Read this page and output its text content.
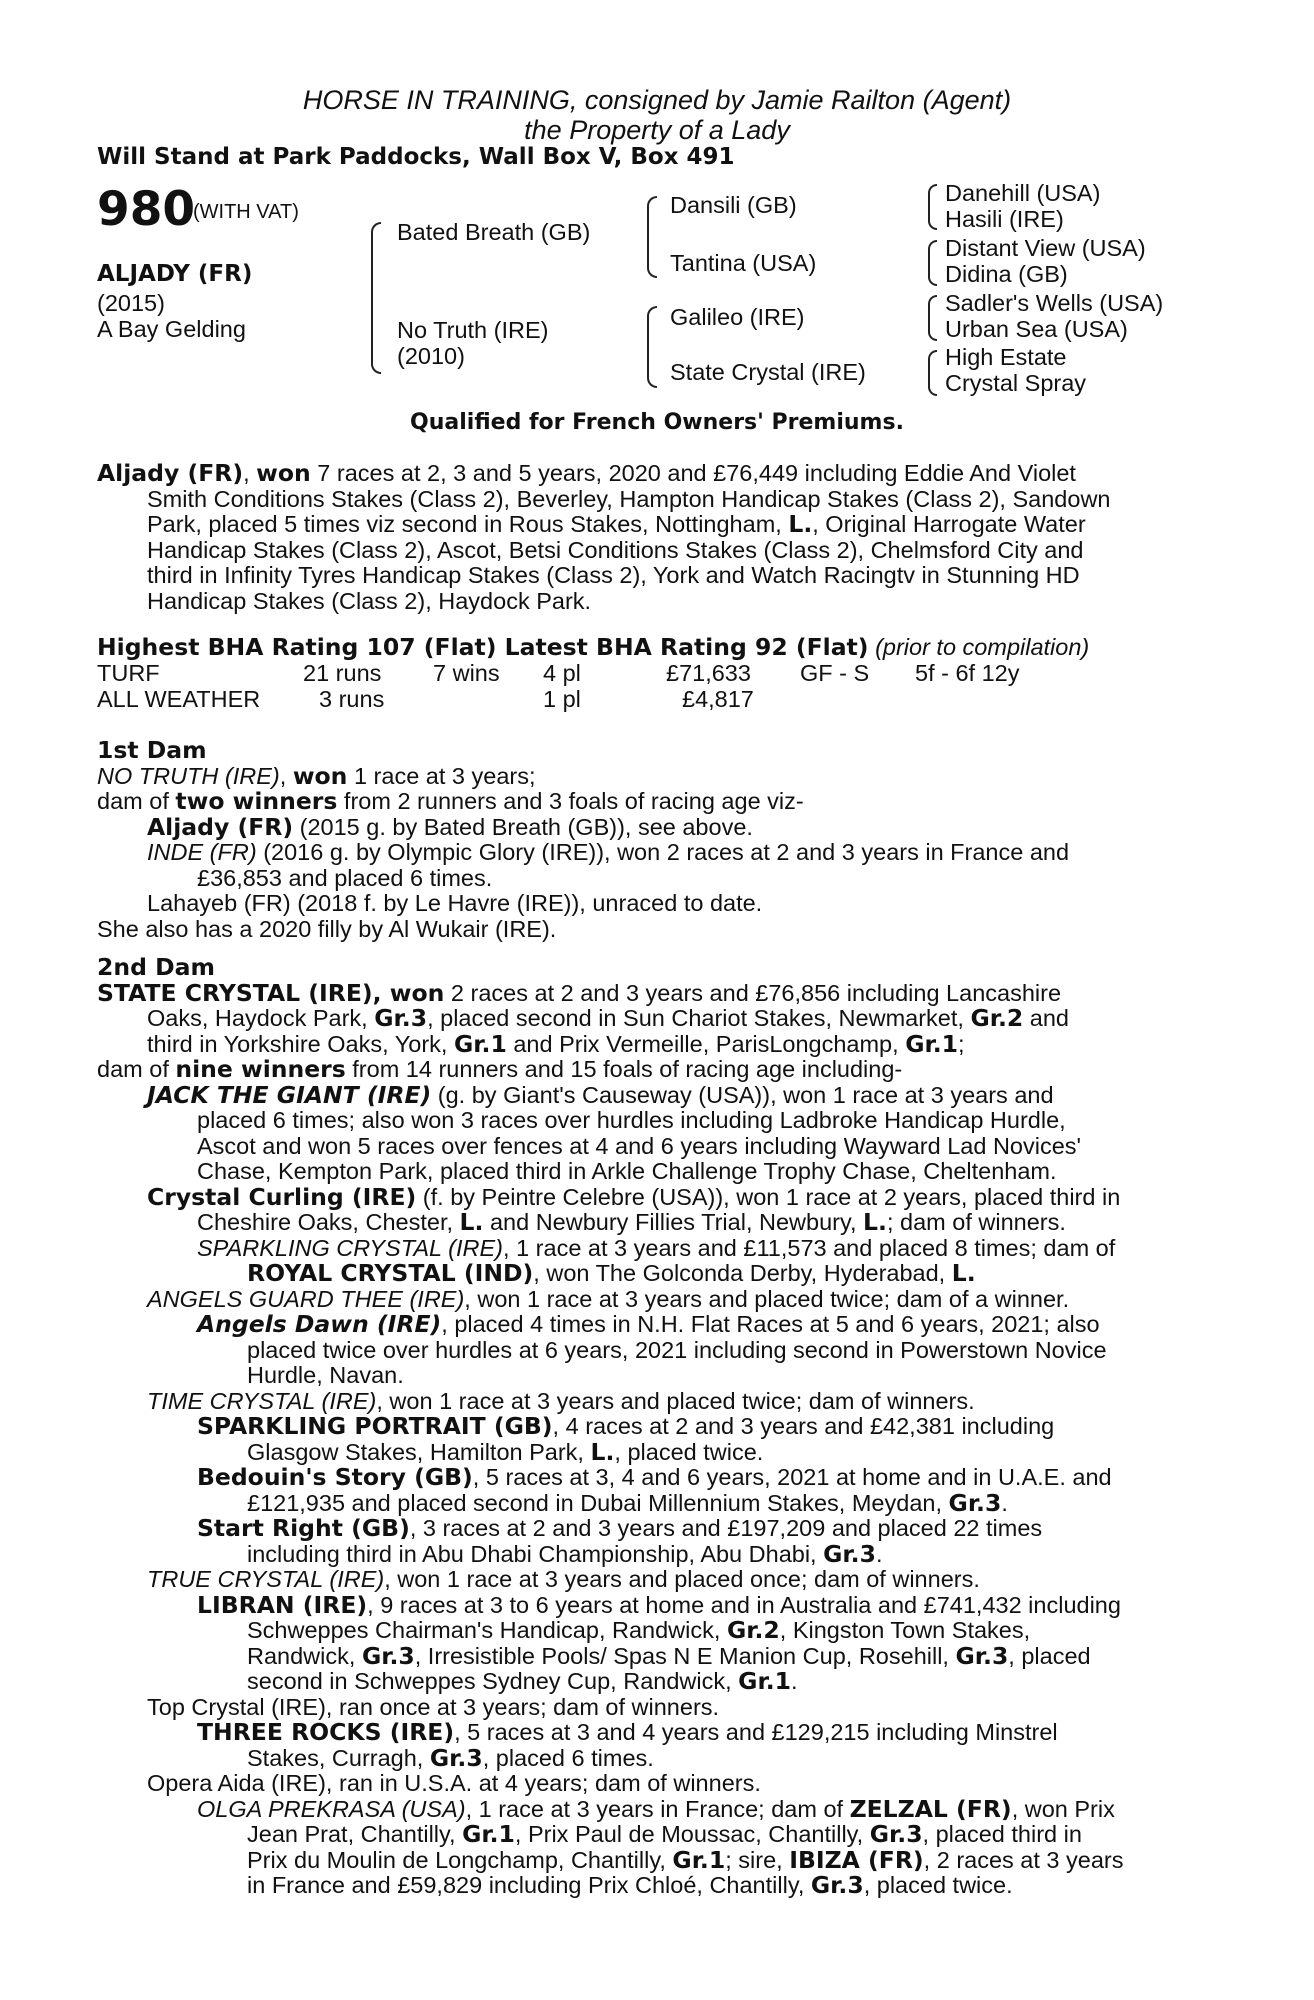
HORSE IN TRAINING, consigned by Jamie Railton (Agent)
the Property of a Lady
Will Stand at Park Paddocks, Wall Box V, Box 491
980
(WITH VAT)
ALJADY (FR)
(2015)
A Bay Gelding
Bated Breath (GB)
No Truth (IRE)
(2010)
Dansili (GB)
Tantina (USA)
Galileo (IRE)
State Crystal (IRE)
Danehill (USA)
Hasili (IRE)
Distant View (USA)
Didina (GB)
Sadler's Wells (USA)
Urban Sea (USA)
High Estate
Crystal Spray
Qualified for French Owners' Premiums.
Aljady (FR), won 7 races at 2, 3 and 5 years, 2020 and £76,449 including Eddie And Violet
Smith Conditions Stakes (Class 2), Beverley, Hampton Handicap Stakes (Class 2), Sandown
Park, placed 5 times viz second in Rous Stakes, Nottingham, L., Original Harrogate Water
Handicap Stakes (Class 2), Ascot, Betsi Conditions Stakes (Class 2), Chelmsford City and
third in Infinity Tyres Handicap Stakes (Class 2), York and Watch Racingtv in Stunning HD
Handicap Stakes (Class 2), Haydock Park.
Highest BHA Rating 107 (Flat) Latest BHA Rating 92 (Flat) (prior to compilation)
TURF	21 runs 7 wins 4 pl	£71,633 GF - S 5f - 6f 12y
ALL WEATHER	3 runs	1 pl	£4,817
1st Dam
NO TRUTH (IRE), won 1 race at 3 years;
dam of two winners from 2 runners and 3 foals of racing age viz-
Aljady (FR) (2015 g. by Bated Breath (GB)), see above.
INDE (FR) (2016 g. by Olympic Glory (IRE)), won 2 races at 2 and 3 years in France and
£36,853 and placed 6 times.
Lahayeb (FR) (2018 f. by Le Havre (IRE)), unraced to date.
She also has a 2020 filly by Al Wukair (IRE).
2nd Dam
STATE CRYSTAL (IRE), won 2 races at 2 and 3 years and £76,856 including Lancashire
Oaks, Haydock Park, Gr.3, placed second in Sun Chariot Stakes, Newmarket, Gr.2 and
third in Yorkshire Oaks, York, Gr.1 and Prix Vermeille, ParisLongchamp, Gr.1;
dam of nine winners from 14 runners and 15 foals of racing age including-
JACK THE GIANT (IRE) (g. by Giant's Causeway (USA)), won 1 race at 3 years and
placed 6 times; also won 3 races over hurdles including Ladbroke Handicap Hurdle,
Ascot and won 5 races over fences at 4 and 6 years including Wayward Lad Novices'
Chase, Kempton Park, placed third in Arkle Challenge Trophy Chase, Cheltenham.
Crystal Curling (IRE) (f. by Peintre Celebre (USA)), won 1 race at 2 years, placed third in
Cheshire Oaks, Chester, L. and Newbury Fillies Trial, Newbury, L.; dam of winners.
SPARKLING CRYSTAL (IRE), 1 race at 3 years and £11,573 and placed 8 times; dam of
ROYAL CRYSTAL (IND), won The Golconda Derby, Hyderabad, L.
ANGELS GUARD THEE (IRE), won 1 race at 3 years and placed twice; dam of a winner.
Angels Dawn (IRE), placed 4 times in N.H. Flat Races at 5 and 6 years, 2021; also
placed twice over hurdles at 6 years, 2021 including second in Powerstown Novice
Hurdle, Navan.
TIME CRYSTAL (IRE), won 1 race at 3 years and placed twice; dam of winners.
SPARKLING PORTRAIT (GB), 4 races at 2 and 3 years and £42,381 including
Glasgow Stakes, Hamilton Park, L., placed twice.
Bedouin's Story (GB), 5 races at 3, 4 and 6 years, 2021 at home and in U.A.E. and
£121,935 and placed second in Dubai Millennium Stakes, Meydan, Gr.3.
Start Right (GB), 3 races at 2 and 3 years and £197,209 and placed 22 times
including third in Abu Dhabi Championship, Abu Dhabi, Gr.3.
TRUE CRYSTAL (IRE), won 1 race at 3 years and placed once; dam of winners.
LIBRAN (IRE), 9 races at 3 to 6 years at home and in Australia and £741,432 including
Schweppes Chairman's Handicap, Randwick, Gr.2, Kingston Town Stakes,
Randwick, Gr.3, Irresistible Pools/ Spas N E Manion Cup, Rosehill, Gr.3, placed
second in Schweppes Sydney Cup, Randwick, Gr.1.
Top Crystal (IRE), ran once at 3 years; dam of winners.
THREE ROCKS (IRE), 5 races at 3 and 4 years and £129,215 including Minstrel
Stakes, Curragh, Gr.3, placed 6 times.
Opera Aida (IRE), ran in U.S.A. at 4 years; dam of winners.
OLGA PREKRASA (USA), 1 race at 3 years in France; dam of ZELZAL (FR), won Prix
Jean Prat, Chantilly, Gr.1, Prix Paul de Moussac, Chantilly, Gr.3, placed third in
Prix du Moulin de Longchamp, Chantilly, Gr.1; sire, IBIZA (FR), 2 races at 3 years
in France and £59,829 including Prix Chloé, Chantilly, Gr.3, placed twice.
